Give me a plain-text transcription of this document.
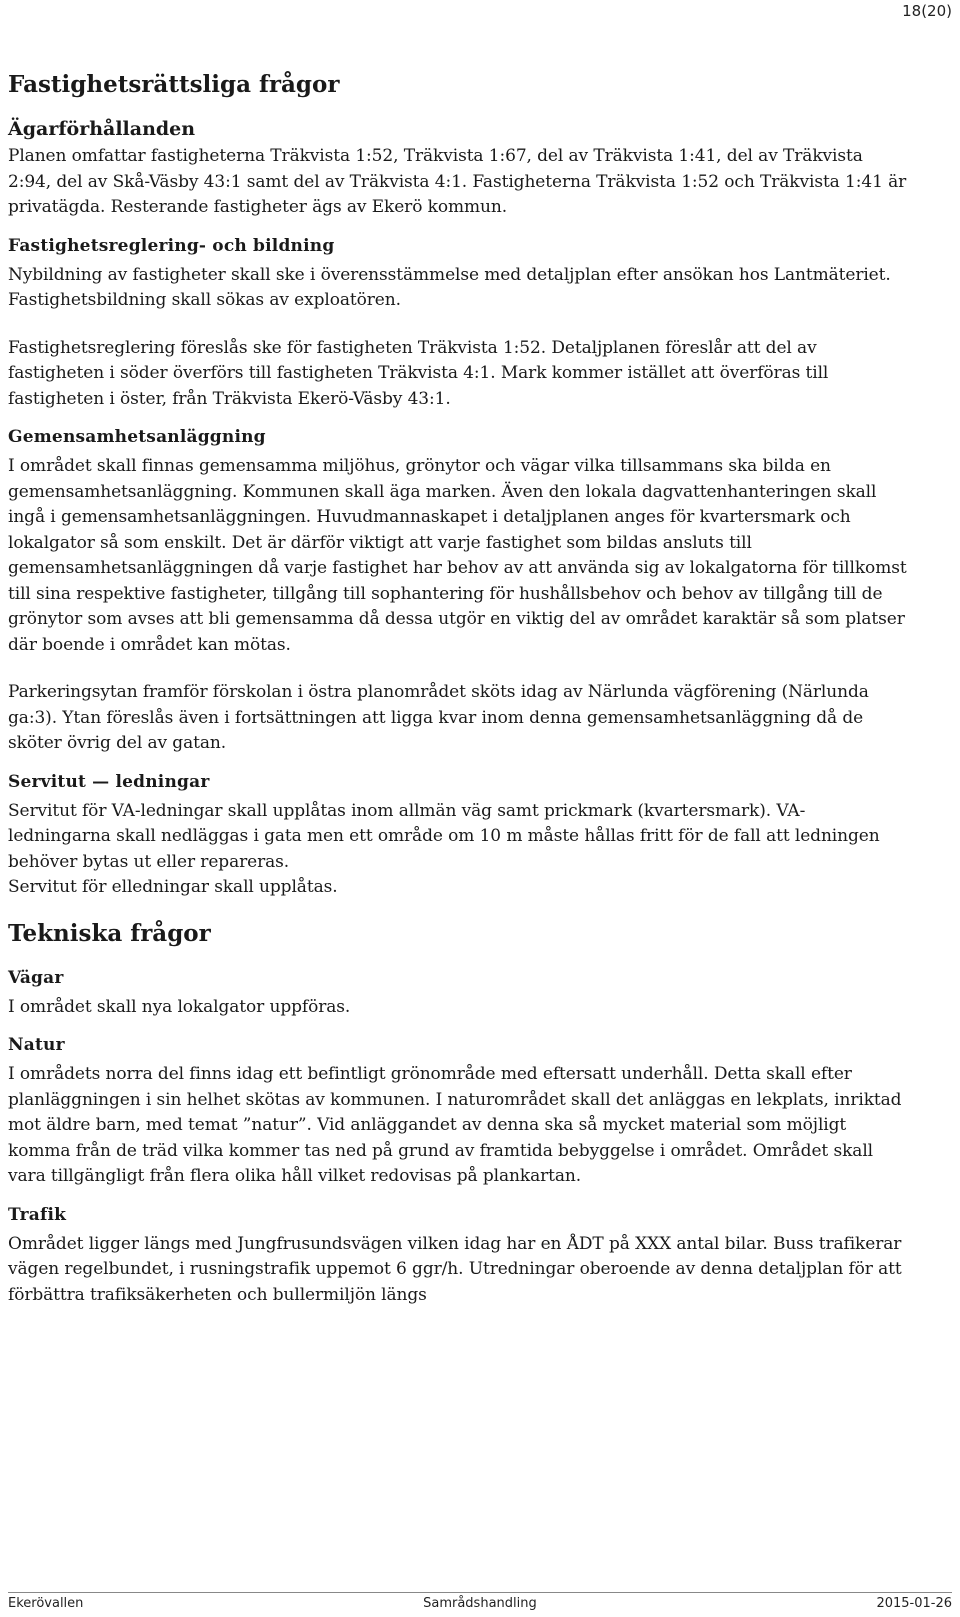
18(20)
Fastighetsrättsliga frågor
Ägarförhållanden

Planen omfattar fastigheterna Träkvista 1:52, Träkvista 1:67, del av Träkvista 1:41, del av Träkvista 2:94, del av Skå-Väsby 43:1 samt del av Träkvista 4:1. Fastigheterna Träkvista 1:52 och Träkvista 1:41 är privatägda. Resterande fastigheter ägs av Ekerö kommun.

Fastighetsreglering- och bildning

Nybildning av fastigheter skall ske i överensstämmelse med detaljplan efter ansökan hos Lantmäteriet. Fastighetsbildning skall sökas av exploatören.

Fastighetsreglering föreslås ske för fastigheten Träkvista 1:52. Detaljplanen föreslår att del av fastigheten i söder överförs till fastigheten Träkvista 4:1. Mark kommer istället att överföras till fastigheten i öster, från Träkvista Ekerö-Väsby 43:1.

Gemensamhetsanläggning

I området skall finnas gemensamma miljöhus, grönytor och vägar vilka tillsammans ska bilda en gemensamhetsanläggning. Kommunen skall äga marken. Även den lokala dagvattenhanteringen skall ingå i gemensamhetsanläggningen. Huvudmannaskapet i detaljplanen anges för kvartersmark och lokalgator så som enskilt. Det är därför viktigt att varje fastighet som bildas ansluts till gemensamhetsanläggningen då varje fastighet har behov av att använda sig av lokalgatorna för tillkomst till sina respektive fastigheter, tillgång till sophantering för hushållsbehov och behov av tillgång till de grönytor som avses att bli gemensamma då dessa utgör en viktig del av området karaktär så som platser där boende i området kan mötas.

Parkeringsytan framför förskolan i östra planområdet sköts idag av Närlunda vägförening (Närlunda ga:3). Ytan föreslås även i fortsättningen att ligga kvar inom denna gemensamhetsanläggning då de sköter övrig del av gatan.

Servitut — ledningar

Servitut för VA-ledningar skall upplåtas inom allmän väg samt prickmark (kvartersmark). VA-ledningarna skall nedläggas i gata men ett område om 10 m måste hållas fritt för de fall att ledningen behöver bytas ut eller repareras.

Servitut för elledningar skall upplåtas.

Tekniska frågor
Vägar

I området skall nya lokalgator uppföras.

Natur

I områdets norra del finns idag ett befintligt grönområde med eftersatt underhåll. Detta skall efter planläggningen i sin helhet skötas av kommunen. I naturområdet skall det anläggas en lekplats, inriktad mot äldre barn, med temat ”natur”. Vid anläggandet av denna ska så mycket material som möjligt komma från de träd vilka kommer tas ned på grund av framtida bebyggelse i området. Området skall vara tillgängligt från flera olika håll vilket redovisas på plankartan.

Trafik

Området ligger längs med Jungfrusundsvägen vilken idag har en ÅDT på XXX antal bilar. Buss trafikerar vägen regelbundet, i rusningstrafik uppemot 6 ggr/h. Utredningar oberoende av denna detaljplan för att förbättra trafiksäkerheten och bullermiljön längs

Ekerövallen	Samrådshandling	2015-01-26
